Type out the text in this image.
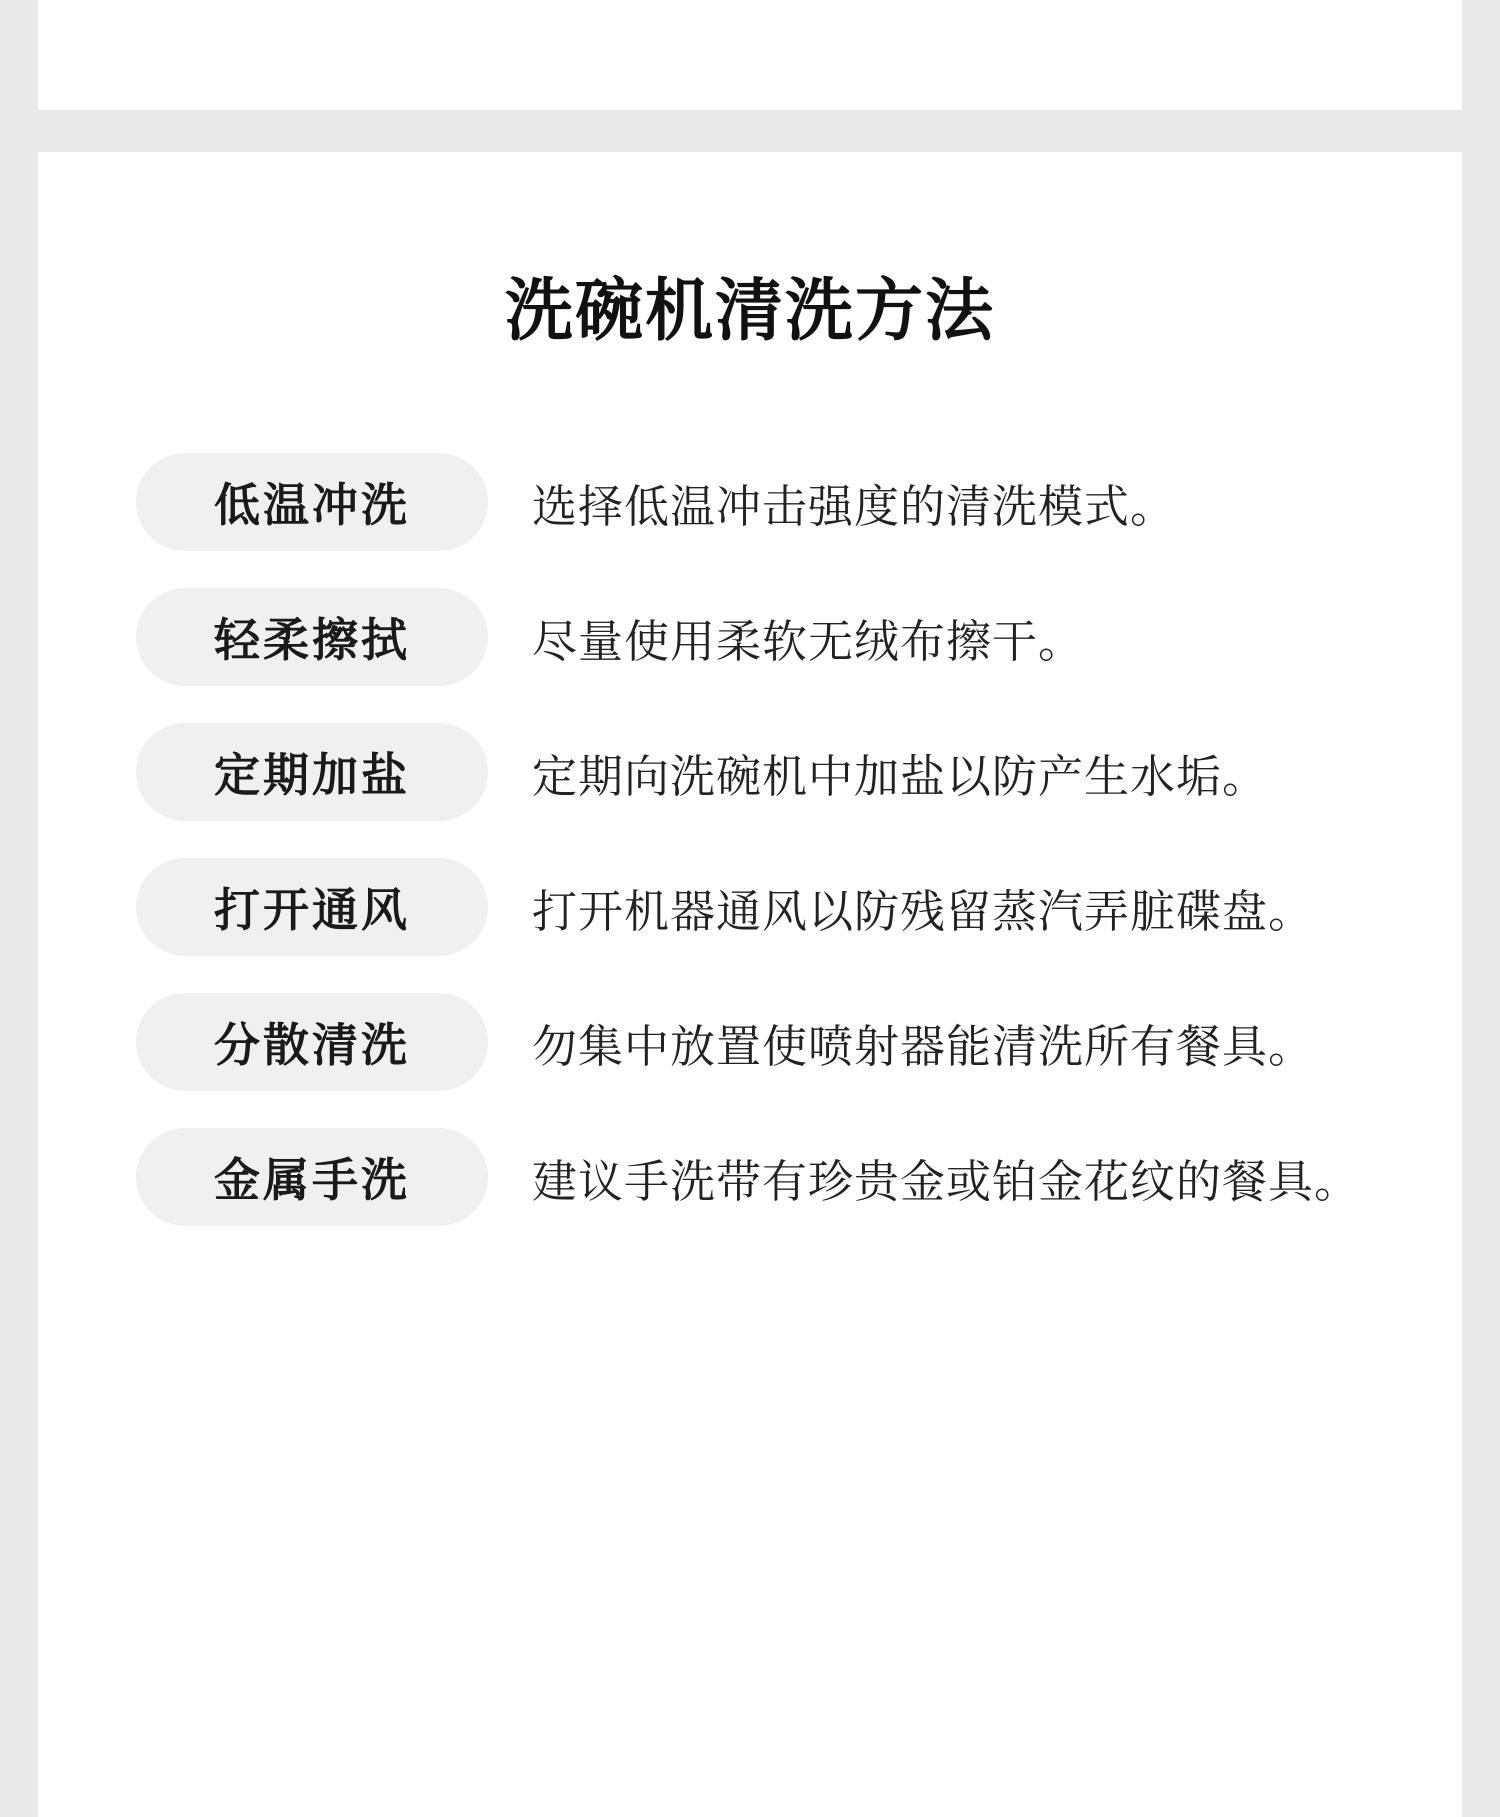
洗碗机清洗方法
低温冲洗	选择低温冲击强度的清洗模式。
轻柔擦拭	尽量使用柔软无绒布擦干。
定期加盐	定期向洗碗机中加盐以防产生水垢。
打开通风	打开机器通风以防残留蒸汽弄脏碟盘。
分散清洗	勿集中放置使喷射器能清洗所有餐具。
金属手洗	建议手洗带有珍贵金或铂金花纹的餐具。
